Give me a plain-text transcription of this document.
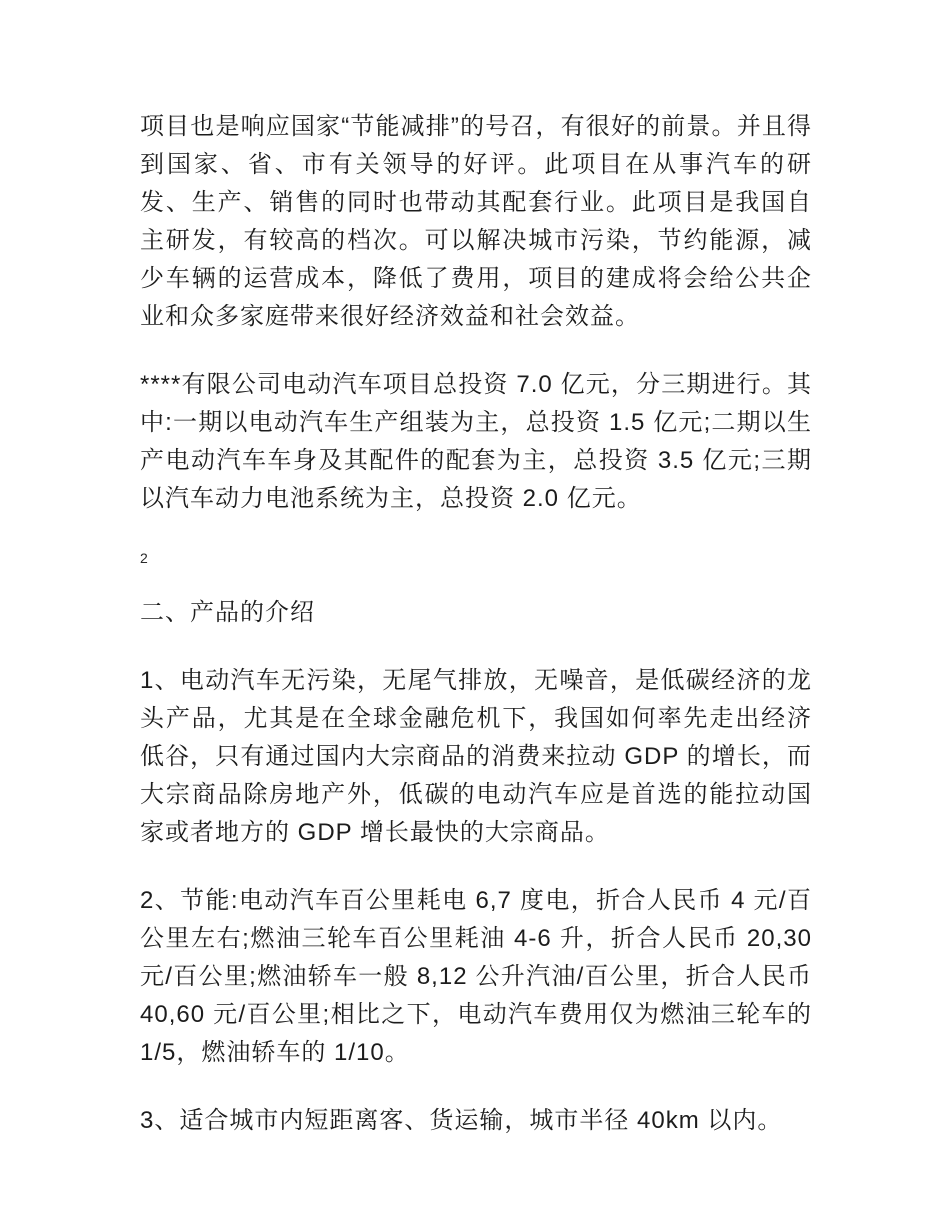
项目也是响应国家“节能减排”的号召，有很好的前景。并且得到国家、省、市有关领导的好评。此项目在从事汽车的研发、生产、销售的同时也带动其配套行业。此项目是我国自主研发，有较高的档次。可以解决城市污染，节约能源，减少车辆的运营成本，降低了费用，项目的建成将会给公共企业和众多家庭带来很好经济效益和社会效益。

****有限公司电动汽车项目总投资 7.0 亿元，分三期进行。其中:一期以电动汽车生产组装为主，总投资 1.5 亿元;二期以生产电动汽车车身及其配件的配套为主，总投资 3.5 亿元;三期以汽车动力电池系统为主，总投资 2.0 亿元。

2

二、产品的介绍

1、电动汽车无污染，无尾气排放，无噪音，是低碳经济的龙头产品，尤其是在全球金融危机下，我国如何率先走出经济低谷，只有通过国内大宗商品的消费来拉动 GDP 的增长，而大宗商品除房地产外，低碳的电动汽车应是首选的能拉动国家或者地方的 GDP 增长最快的大宗商品。

2、节能:电动汽车百公里耗电 6,7 度电，折合人民币 4 元/百公里左右;燃油三轮车百公里耗油 4-6 升，折合人民币 20,30 元/百公里;燃油轿车一般 8,12 公升汽油/百公里，折合人民币 40,60 元/百公里;相比之下，电动汽车费用仅为燃油三轮车的 1/5，燃油轿车的 1/10。

3、适合城市内短距离客、货运输，城市半径 40km 以内。
